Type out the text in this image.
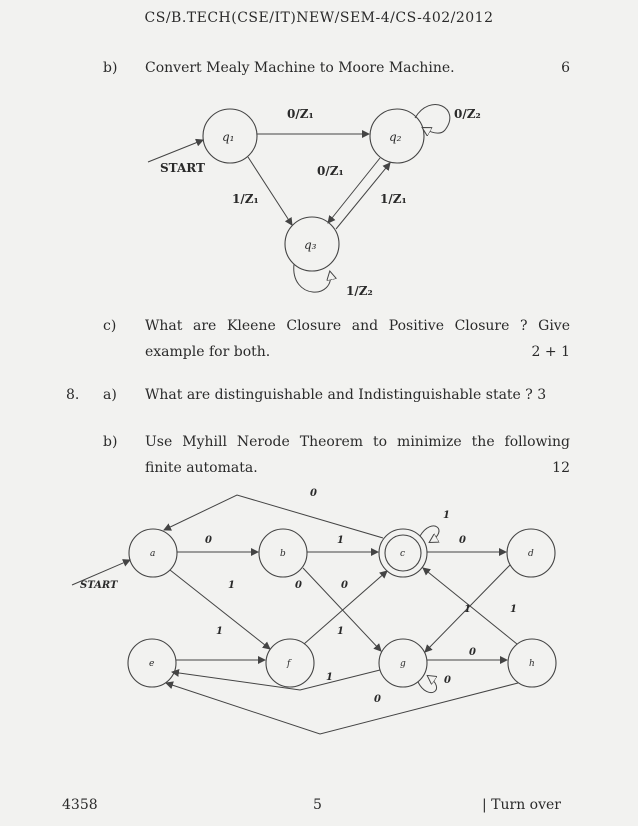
CS/B.TECH(CSE/IT)NEW/SEM-4/CS-402/2012
b) Convert Mealy Machine to Moore Machine.	6
q₁	q₂
q₃
START
0/Z₁	0/Z₂
0/Z₁
1/Z₁	1/Z₁
1/Z₂
c) What are Kleene Closure and Positive Closure ? Give
example for both.	2 + 1
8. a) What are distinguishable and Indistinguishable state ? 3
b) Use Myhill Nerode Theorem to minimize the following
finite automata.	12
a	b	c	d
e	f	g	h
START
0
0	1
1
0
1	0	0
1	1
1	1
0
0
1
0
4358	5	| Turn over
